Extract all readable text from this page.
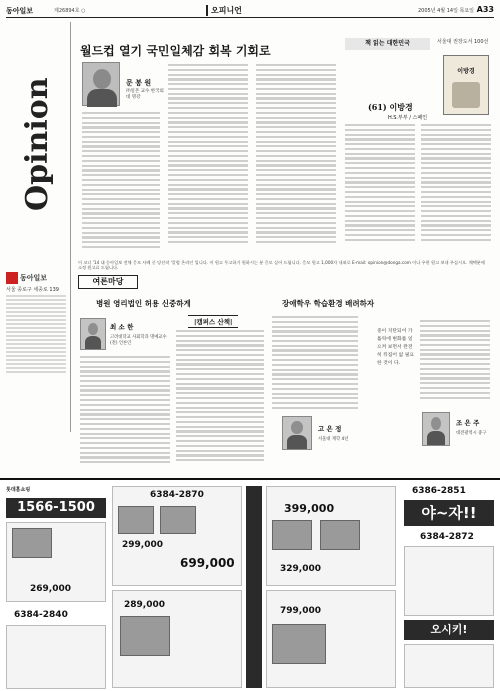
동아일보	제26894호 ○	오피니언	2005년 4월 14일 목요일 A33
Opinion
동아일보
서울 종로구 세종로 139
월드컵 열기 국민일체감 회복 기회로
문 봉 원
㈜일본 교수 한국외대 명강
책 읽는 대한민국	서울대 권장도서 100선
이방경
(61) 이방경
H.S.부부 / 스페인
이 코너 '14 대 동아일보 전체 응모 사례 중 당선작 '칼럼 온라인 입니다. 이 원고 투고하기 원하시는 분 응모 실어 드립니다. 응모 원고 1,000자 내외로 E-mail: opinion@donga.com 이나 우편 원고 보내 주십시오. 채택분에 소정 원고료 드립니다.
여론마당
병원 영리법인 허용 신중하게	장애학우 학습환경 배려하자
|캠퍼스 산책|
최 소 한
고려대학교 사회학과 명예교수 (전) 언론인
고 은 정
서울대 재학 4년
중이 지탄되어 가톨릭에 변화를 일으켜 보면서 완전히 뒤집어 없 필요한 것이 다.
조 은 주
대전광역시 중구
롯데홈쇼핑
1566-1500
269,000
6384-2840
6384-2870
299,000
699,000
289,000
399,000
329,000
799,000
6386-2851
야~자!!
6384-2872
오시키!
